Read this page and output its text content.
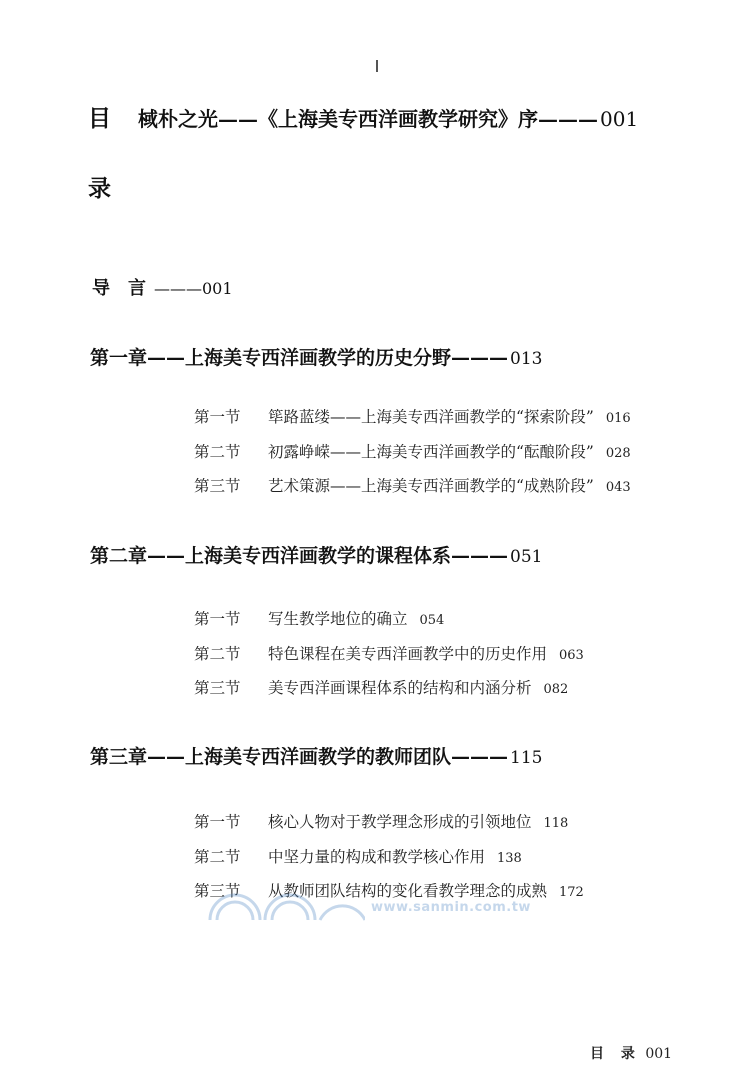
目
录
棫朴之光——《上海美专西洋画教学研究》序——— 001
导　言 ———001
第一章——上海美专西洋画教学的历史分野——— 013
第一节 筚路蓝缕——上海美专西洋画教学的“探索阶段” 016
第二节 初露峥嵘——上海美专西洋画教学的“酝酿阶段” 028
第三节 艺术策源——上海美专西洋画教学的“成熟阶段” 043
第二章——上海美专西洋画教学的课程体系——— 051
第一节 写生教学地位的确立 054
第二节 特色课程在美专西洋画教学中的历史作用 063
第三节 美专西洋画课程体系的结构和内涵分析 082
第三章——上海美专西洋画教学的教师团队——— 115
第一节 核心人物对于教学理念形成的引领地位 118
第二节 中坚力量的构成和教学核心作用 138
第三节 从教师团队结构的变化看教学理念的成熟 172
www.sanmin.com.tw
目 录 001
